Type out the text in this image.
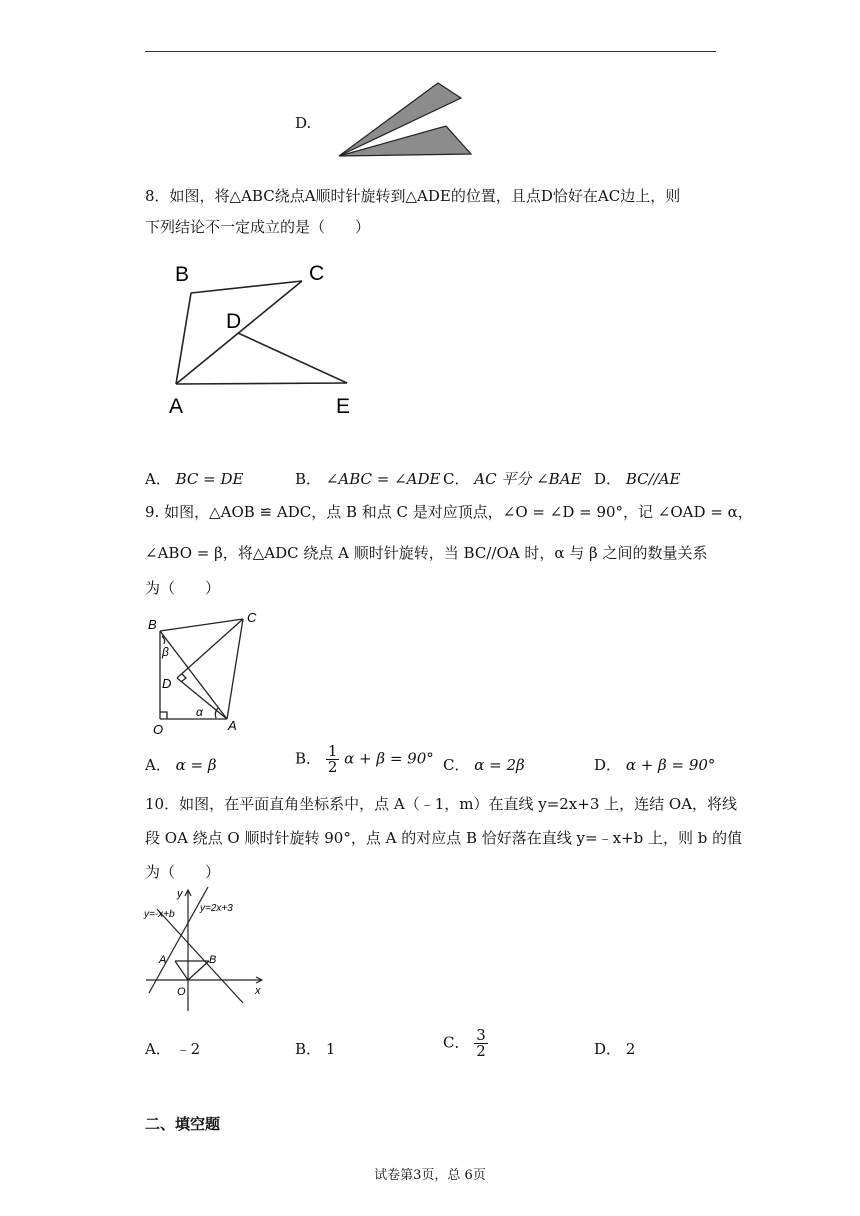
D.
8．如图，将△ABC绕点A顺时针旋转到△ADE的位置，且点D恰好在AC边上，则
下列结论不一定成立的是（　　）
B	C
D
A	E
A． BC = DE	B． ∠ABC = ∠ADE C． AC 平分 ∠BAE D． BC//AE
9. 如图，△AOB ≌ ADC，点 B 和点 C 是对应顶点，∠O = ∠D = 90°，记 ∠OAD = α，
∠ABO = β，将△ADC 绕点 A 顺时针旋转，当 BC//OA 时，α 与 β 之间的数量关系
为（　　）
B	C
D
O	A
α
β
A． α = β	B． $\frac{1}{2}$ α + β = 90° C． α = 2β	D． α + β = 90°
10．如图，在平面直角坐标系中，点 A（﹣1，m）在直线 y=2x+3 上，连结 OA，将线
段 OA 绕点 O 顺时针旋转 90°，点 A 的对应点 B 恰好落在直线 y=﹣x+b 上，则 b 的值
为（　　）
y
x
O
A	B
y=-x+b
y=2x+3
A． ﹣2	B． 1	C． $\frac{3}{2}$	D． 2
二、填空题
试卷第3页，总 6页
